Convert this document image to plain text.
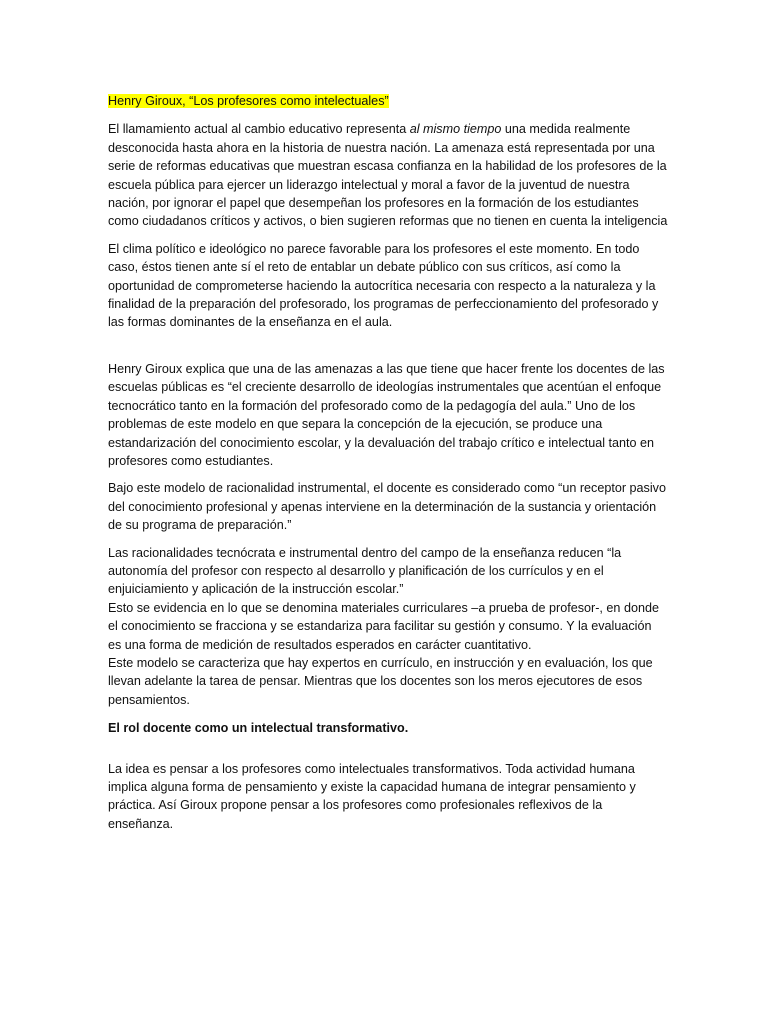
Henry Giroux, “Los profesores como intelectuales”

El llamamiento actual al cambio educativo representa al mismo tiempo una medida realmente desconocida hasta ahora en la historia de nuestra nación. La amenaza está representada por una serie de reformas educativas que muestran escasa confianza en la habilidad de los profesores de la escuela pública para ejercer un liderazgo intelectual y moral a favor de la juventud de nuestra nación, por ignorar el papel que desempeñan los profesores en la formación de los estudiantes como ciudadanos críticos y activos, o bien sugieren reformas que no tienen en cuenta la inteligencia

El clima político e ideológico no parece favorable para los profesores el este momento. En todo caso, éstos tienen ante sí el reto de entablar un debate público con sus críticos, así como la oportunidad de comprometerse haciendo la autocrítica necesaria con respecto a la naturaleza y la finalidad de la preparación del profesorado, los programas de perfeccionamiento del profesorado y las formas dominantes de la enseñanza en el aula.

Henry Giroux explica que una de las amenazas a las que tiene que hacer frente los docentes de las escuelas públicas es “el creciente desarrollo de ideologías instrumentales que acentúan el enfoque tecnocrático tanto en la formación del profesorado como de la pedagogía del aula.” Uno de los problemas de este modelo en que separa la concepción de la ejecución, se produce una estandarización del conocimiento escolar, y la devaluación del trabajo crítico e intelectual tanto en profesores como estudiantes.

Bajo este modelo de racionalidad instrumental, el docente es considerado como “un receptor pasivo del conocimiento profesional y apenas interviene en la determinación de la sustancia y orientación de su programa de preparación.”

Las racionalidades tecnócrata e instrumental dentro del campo de la enseñanza reducen “la autonomía del profesor con respecto al desarrollo y planificación de los currículos y en el enjuiciamiento y aplicación de la instrucción escolar.”

Esto se evidencia en lo que se denomina materiales curriculares –a prueba de profesor-, en donde el conocimiento se fracciona y se estandariza para facilitar su gestión y consumo. Y la evaluación es una forma de medición de resultados esperados en carácter cuantitativo.

Este modelo se caracteriza que hay expertos en currículo, en instrucción y en evaluación, los que llevan adelante la tarea de pensar. Mientras que los docentes son los meros ejecutores de esos pensamientos.

El rol docente como un intelectual transformativo.

La idea es pensar a los profesores como intelectuales transformativos. Toda actividad humana implica alguna forma de pensamiento y existe la capacidad humana de integrar pensamiento y práctica. Así Giroux propone pensar a los profesores como profesionales reflexivos de la enseñanza.
